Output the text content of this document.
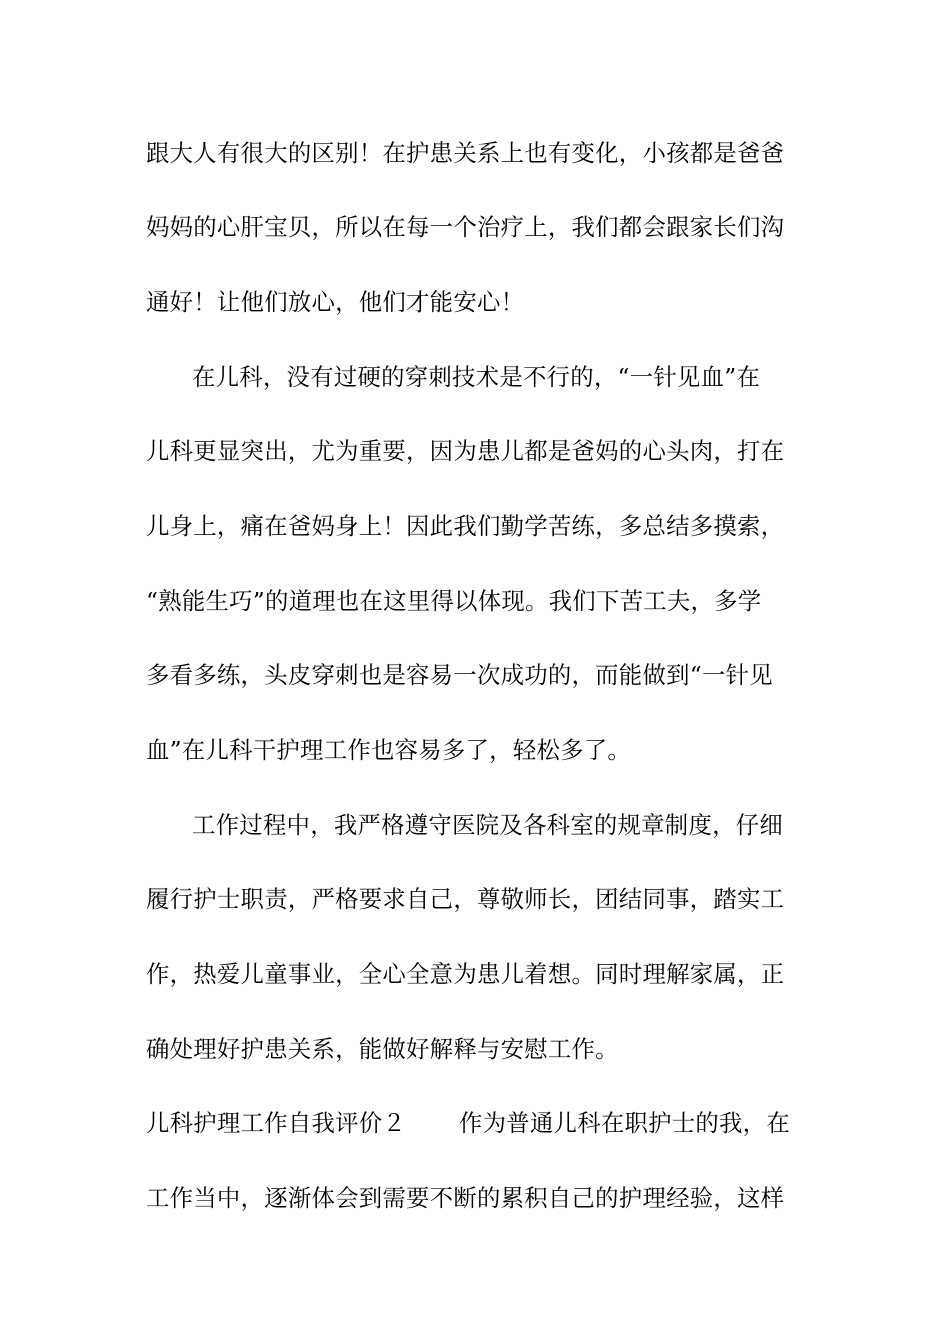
跟大人有很大的区别！在护患关系上也有变化，小孩都是爸爸
妈妈的心肝宝贝，所以在每一个治疗上，我们都会跟家长们沟
通好！让他们放心，他们才能安心！
在儿科，没有过硬的穿刺技术是不行的，“一针见血”在
儿科更显突出，尤为重要，因为患儿都是爸妈的心头肉，打在
儿身上，痛在爸妈身上！因此我们勤学苦练，多总结多摸索，
“熟能生巧”的道理也在这里得以体现。我们下苦工夫，多学
多看多练，头皮穿刺也是容易一次成功的，而能做到“一针见
血”在儿科干护理工作也容易多了，轻松多了。
工作过程中，我严格遵守医院及各科室的规章制度，仔细
履行护士职责，严格要求自己，尊敬师长，团结同事，踏实工
作，热爱儿童事业，全心全意为患儿着想。同时理解家属，正
确处理好护患关系，能做好解释与安慰工作。
儿科护理工作自我评价２ 作为普通儿科在职护士的我，在
工作当中，逐渐体会到需要不断的累积自己的护理经验，这样
